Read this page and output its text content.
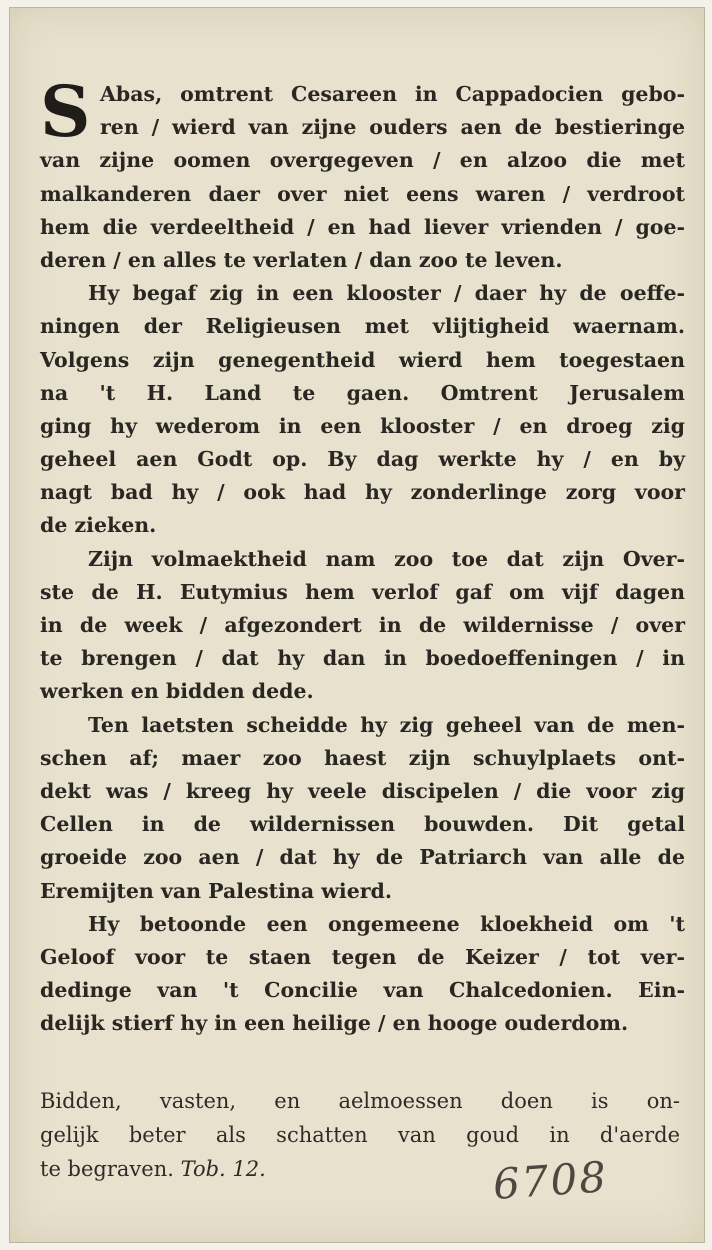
S Abas, omtrent Cesareen in Cappadocien gebo-
ren / wierd van zijne ouders aen de bestieringe
van zijne oomen overgegeven / en alzoo die met
malkanderen daer over niet eens waren / verdroot
hem die verdeeltheid / en had liever vrienden / goe-
deren / en alles te verlaten / dan zoo te leven.
Hy begaf zig in een klooster / daer hy de oeffe-
ningen der Religieusen met vlijtigheid waernam.
Volgens zijn genegentheid wierd hem toegestaen
na 't H. Land te gaen. Omtrent Jerusalem
ging hy wederom in een klooster / en droeg zig
geheel aen Godt op. By dag werkte hy / en by
nagt bad hy / ook had hy zonderlinge zorg voor
de zieken.
Zijn volmaektheid nam zoo toe dat zijn Over-
ste de H. Eutymius hem verlof gaf om vijf dagen
in de week / afgezondert in de wildernisse / over
te brengen / dat hy dan in boedoeffeningen / in
werken en bidden dede.
Ten laetsten scheidde hy zig geheel van de men-
schen af; maer zoo haest zijn schuylplaets ont-
dekt was / kreeg hy veele discipelen / die voor zig
Cellen in de wildernissen bouwden. Dit getal
groeide zoo aen / dat hy de Patriarch van alle de
Eremijten van Palestina wierd.
Hy betoonde een ongemeene kloekheid om 't
Geloof voor te staen tegen de Keizer / tot ver-
dedinge van 't Concilie van Chalcedonien. Ein-
delijk stierf hy in een heilige / en hooge ouderdom.
Bidden, vasten, en aelmoessen doen is on-
gelijk beter als schatten van goud in d'aerde
te begraven. Tob. 12.	6708
